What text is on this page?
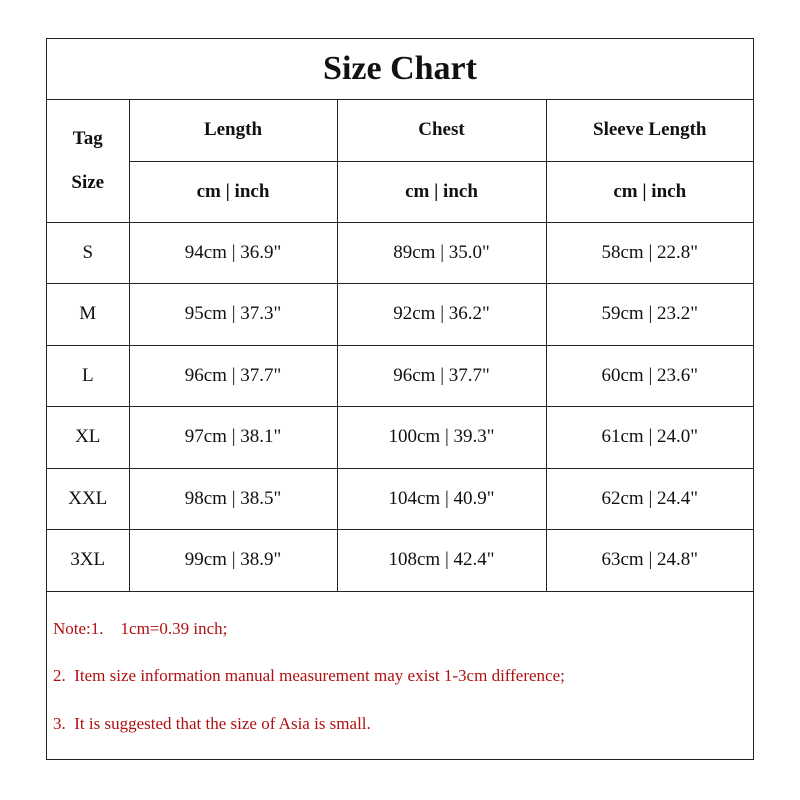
Size Chart
Tag
Size	Length	Chest	Sleeve Length
	cm | inch	cm | inch	cm | inch
S	94cm | 36.9"	89cm | 35.0"	58cm | 22.8"
M	95cm | 37.3"	92cm | 36.2"	59cm | 23.2"
L	96cm | 37.7"	96cm | 37.7"	60cm | 23.6"
XL	97cm | 38.1"	100cm | 39.3"	61cm | 24.0"
XXL	98cm | 38.5"	104cm | 40.9"	62cm | 24.4"
3XL	99cm | 38.9"	108cm | 42.4"	63cm | 24.8"
Note:1.    1cm=0.39 inch;
2.  Item size information manual measurement may exist 1-3cm difference;
3.  It is suggested that the size of Asia is small.
